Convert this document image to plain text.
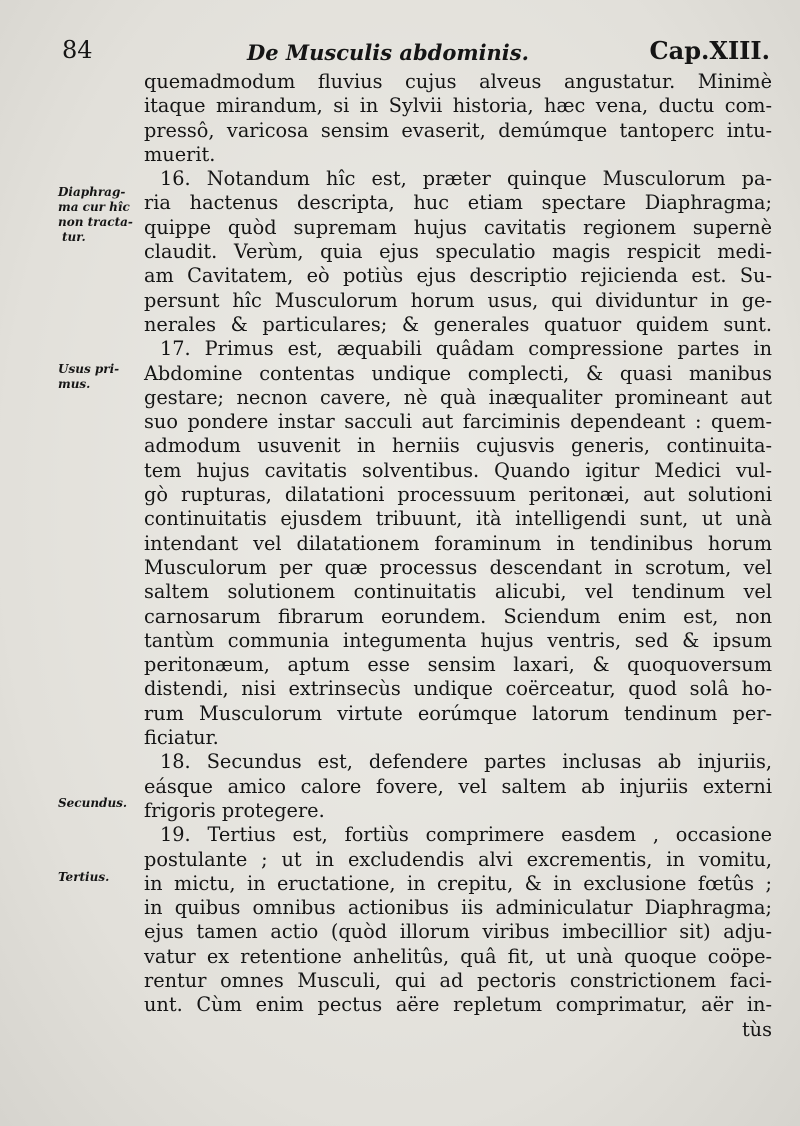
84	De Musculis abdominis.	Cap.XIII.
Diaphrag-
ma cur hîc
non tracta-
tur.
Usus pri-
mus.
Secundus.
Tertius.
quemadmodum fluvius cujus alveus angustatur. Minimè
itaque mirandum, si in Sylvii historia, hæc vena, ductu com-
pressô, varicosa sensim evaserit, demúmque tantoperc intu-
muerit.
16. Notandum hîc est, præter quinque Musculorum pa-
ria hactenus descripta, huc etiam spectare Diaphragma;
quippe quòd supremam hujus cavitatis regionem supernè
claudit. Verùm, quia ejus speculatio magis respicit medi-
am Cavitatem, eò potiùs ejus descriptio rejicienda est. Su-
persunt hîc Musculorum horum usus, qui dividuntur in ge-
nerales & particulares; & generales quatuor quidem sunt.
17. Primus est, æquabili quâdam compressione partes in
Abdomine contentas undique complecti, & quasi manibus
gestare; necnon cavere, nè quà inæqualiter promineant aut
suo pondere instar sacculi aut farciminis dependeant : quem-
admodum usuvenit in herniis cujusvis generis, continuita-
tem hujus cavitatis solventibus. Quando igitur Medici vul-
gò rupturas, dilatationi processuum peritonæi, aut solutioni
continuitatis ejusdem tribuunt, ità intelligendi sunt, ut unà
intendant vel dilatationem foraminum in tendinibus horum
Musculorum per quæ processus descendant in scrotum, vel
saltem solutionem continuitatis alicubi, vel tendinum vel
carnosarum fibrarum eorundem. Sciendum enim est, non
tantùm communia integumenta hujus ventris, sed & ipsum
peritonæum, aptum esse sensim laxari, & quoquoversum
distendi, nisi extrinsecùs undique coërceatur, quod solâ ho-
rum Musculorum virtute eorúmque latorum tendinum per-
ficiatur.
18. Secundus est, defendere partes inclusas ab injuriis,
eásque amico calore fovere, vel saltem ab injuriis externi
frigoris protegere.
19. Tertius est, fortiùs comprimere easdem , occasione
postulante ; ut in excludendis alvi excrementis, in vomitu,
in mictu, in eructatione, in crepitu, & in exclusione fœtûs ;
in quibus omnibus actionibus iis adminiculatur Diaphragma;
ejus tamen actio (quòd illorum viribus imbecillior sit) adju-
vatur ex retentione anhelitûs, quâ fit, ut unà quoque coöpe-
rentur omnes Musculi, qui ad pectoris constrictionem faci-
unt. Cùm enim pectus aëre repletum comprimatur, aër in-
tùs
